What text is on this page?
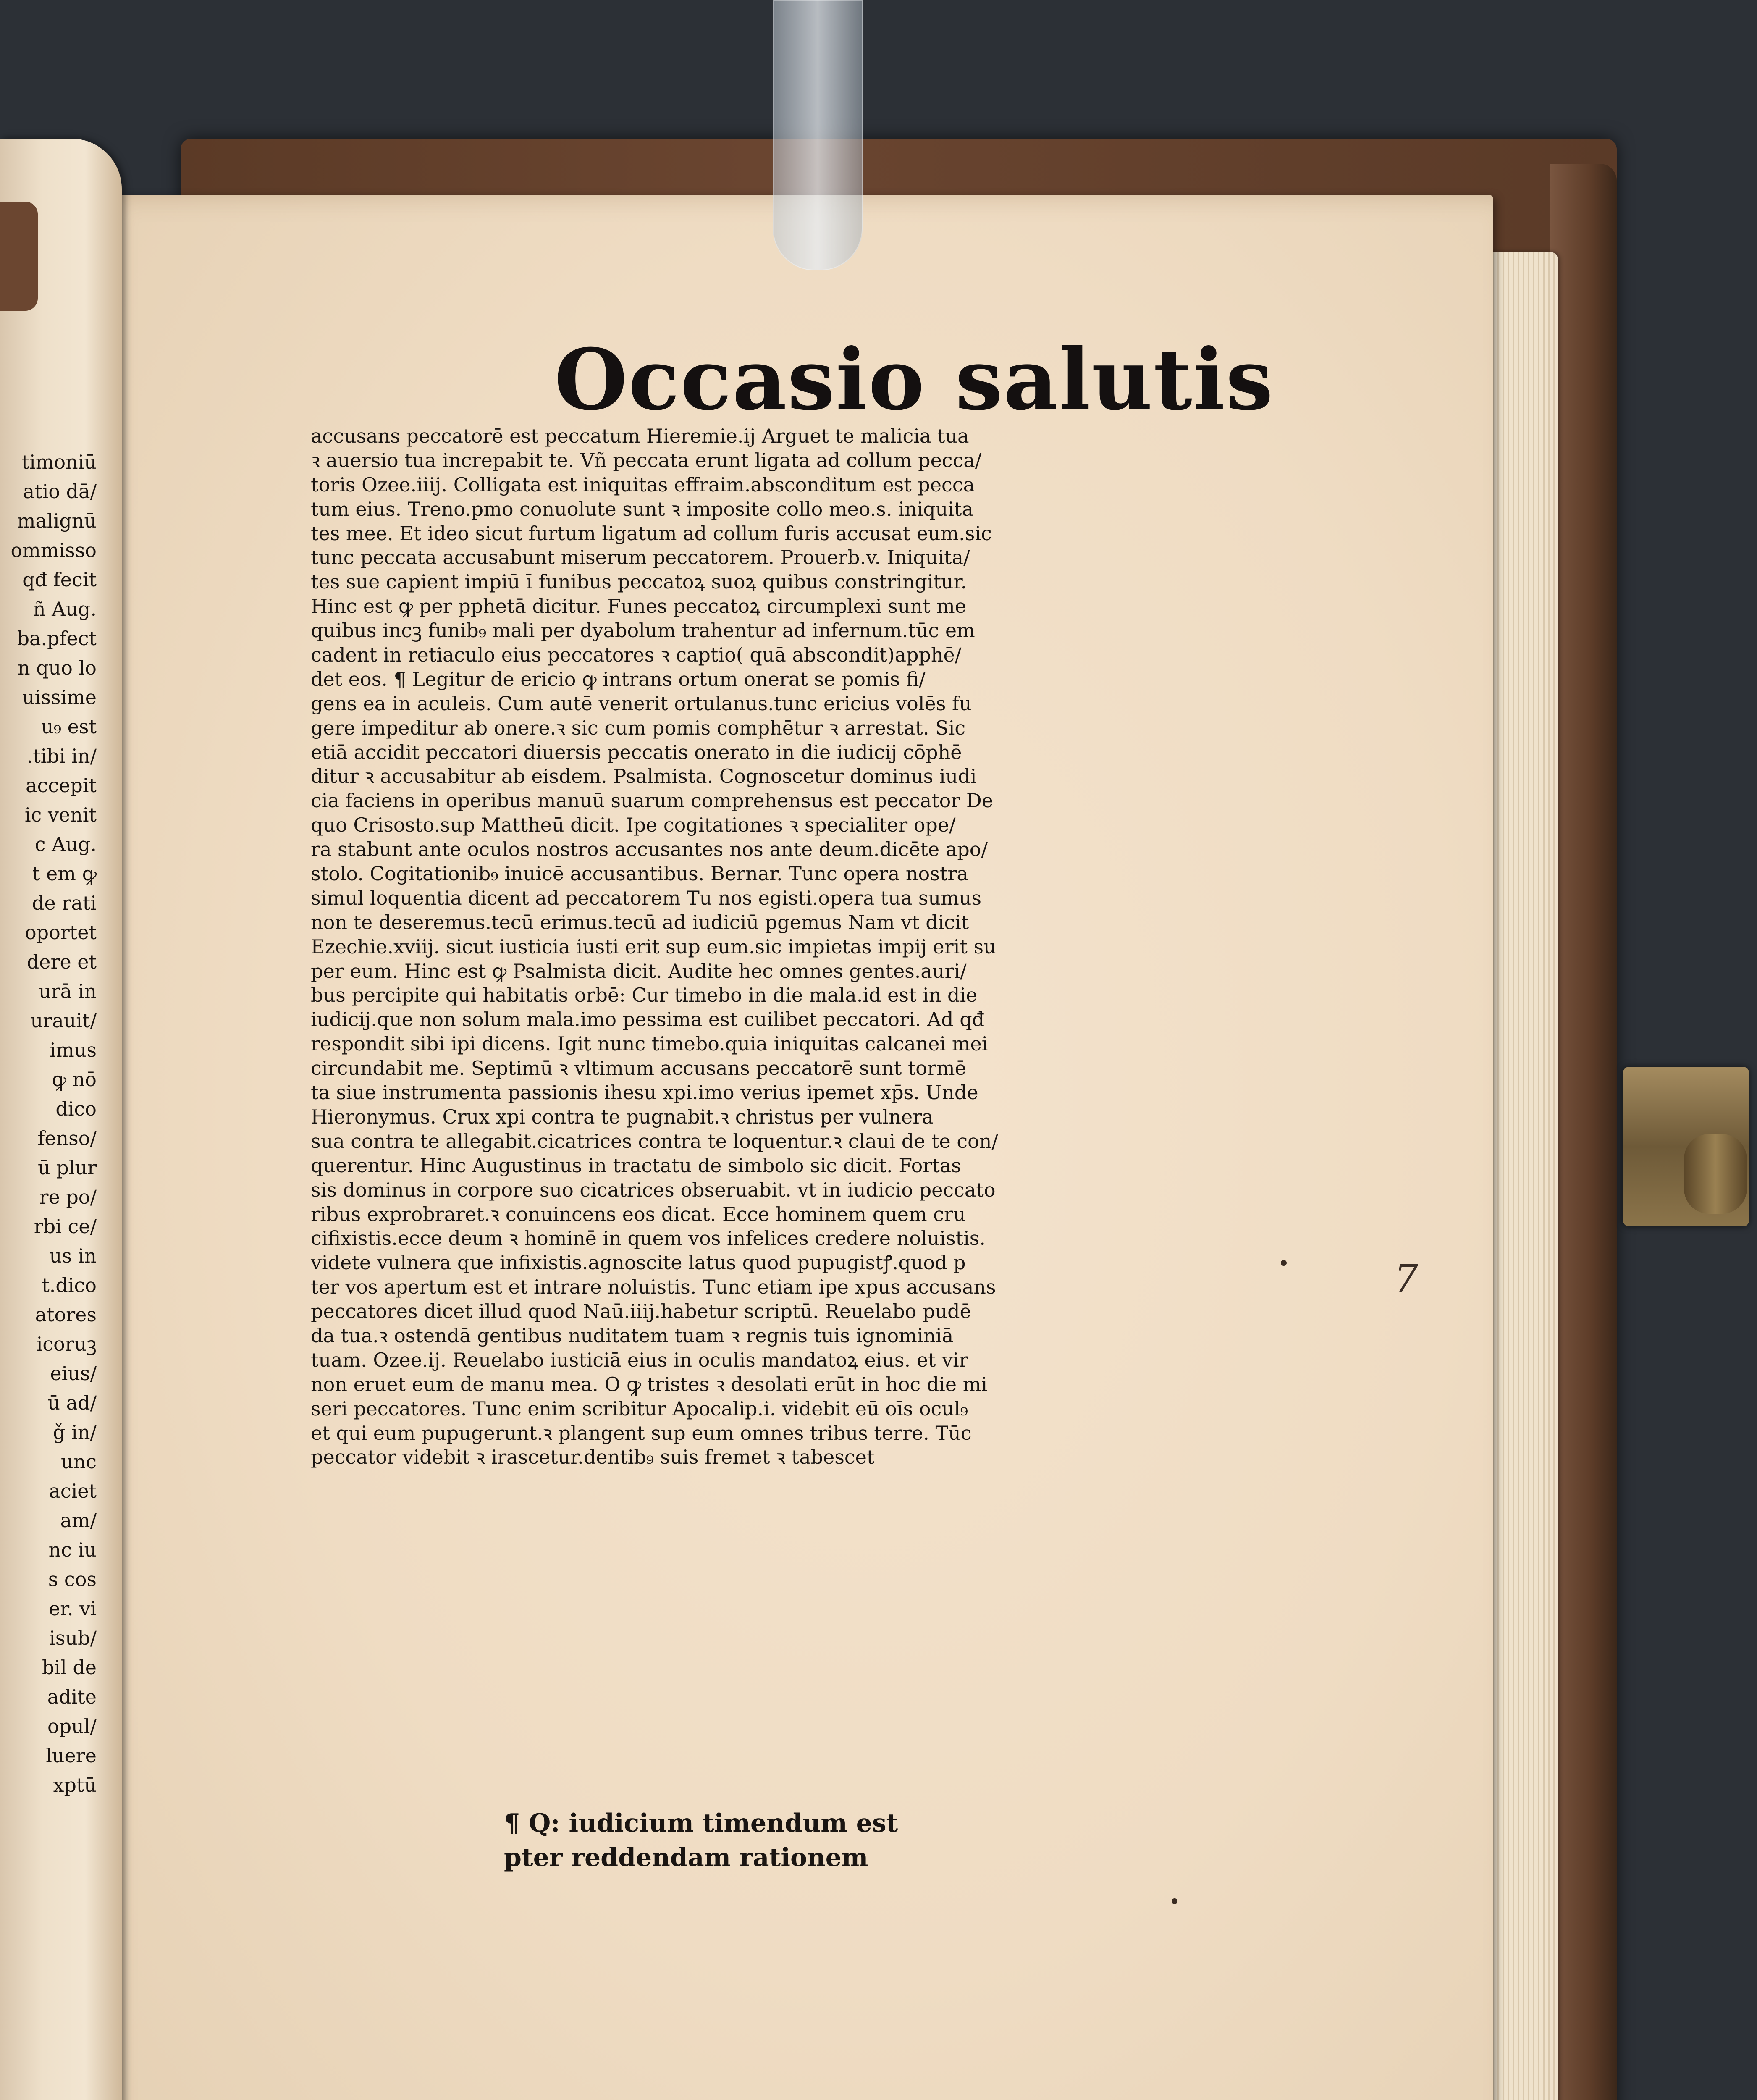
timoniū
atio dā/
malignū
ommisso
qđ fecit
ñ Aug.
ba.pfect
n quo lo
uissime
u₉ est
.tibi in/
accepit
ic venit
c Aug.
t em ꝙ
de rati
oportet
dere et
urā in
urauit/
imus
ꝙ nō
dico
fenso/
ū plur
re po/
rbi ce/
us in
t.dico
atores
icoruꝫ
eius/
ū ad/
ǧ in/
unc
aciet
am/
nc iu
s cos
er. vi
isub/
bil de
adite
opul/
luere
xptū
Occasio salutis
accusans peccatorē est peccatum Hieremie.ij Arguet te malicia tua
ꝛ auersio tua increpabit te. Vñ peccata erunt ligata ad collum pecca/
toris Ozee.iiij. Colligata est iniquitas effraim.absconditum est pecca
tum eius. Treno.pmo conuolute sunt ꝛ imposite collo meo.s. iniquita
tes mee. Et ideo sicut furtum ligatum ad collum furis accusat eum.sic
tunc peccata accusabunt miserum peccatorem. Prouerb.v. Iniquita/
tes sue capient impiū ī funibus peccatoꝝ suoꝝ quibus constringitur.
Hinc est ꝙ per pphetā dicitur. Funes peccatoꝝ circumplexi sunt me
quibus incꝫ funib₉ mali per dyabolum trahentur ad infernum.tūc em
cadent in retiaculo eius peccatores ꝛ captio( quā abscondit)apphē/
det eos. ¶ Legitur de ericio ꝙ intrans ortum onerat se pomis fi/
gens ea in aculeis. Cum autē venerit ortulanus.tunc ericius volēs fu
gere impeditur ab onere.ꝛ sic cum pomis comphētur ꝛ arrestat. Sic
etiā accidit peccatori diuersis peccatis onerato in die iudicij cōphē
ditur ꝛ accusabitur ab eisdem. Psalmista. Cognoscetur dominus iudi
cia faciens in operibus manuū suarum comprehensus est peccator De
quo Crisosto.sup Mattheū dicit. Ipe cogitationes ꝛ specialiter ope/
ra stabunt ante oculos nostros accusantes nos ante deum.dicēte apo/
stolo. Cogitationib₉ inuicē accusantibus. Bernar. Tunc opera nostra
simul loquentia dicent ad peccatorem Tu nos egisti.opera tua sumus
non te deseremus.tecū erimus.tecū ad iudiciū pgemus Nam vt dicit
Ezechie.xviij. sicut iusticia iusti erit sup eum.sic impietas impij erit su
per eum. Hinc est ꝙ Psalmista dicit. Audite hec omnes gentes.auri/
bus percipite qui habitatis orbē: Cur timebo in die mala.id est in die
iudicij.que non solum mala.imo pessima est cuilibet peccatori. Ad qđ
respondit sibi ipi dicens. Igit nunc timebo.quia iniquitas calcanei mei
circundabit me. Septimū ꝛ vltimum accusans peccatorē sunt tormē
ta siue instrumenta passionis ihesu xpi.imo verius ipemet xp̄s. Unde
Hieronymus. Crux xpi contra te pugnabit.ꝛ christus per vulnera
sua contra te allegabit.cicatrices contra te loquentur.ꝛ claui de te con/
querentur. Hinc Augustinus in tractatu de simbolo sic dicit. Fortas
sis dominus in corpore suo cicatrices obseruabit. vt in iudicio peccato
ribus exprobraret.ꝛ conuincens eos dicat. Ecce hominem quem cru
cifixistis.ecce deum ꝛ hominē in quem vos infelices credere noluistis.
videte vulnera que infixistis.agnoscite latus quod pupugistꝭ.quod p
ter vos apertum est et intrare noluistis. Tunc etiam ipe xpus accusans
peccatores dicet illud quod Naū.iiij.habetur scriptū. Reuelabo pudē
da tua.ꝛ ostendā gentibus nuditatem tuam ꝛ regnis tuis ignominiā
tuam. Ozee.ij. Reuelabo iusticiā eius in oculis mandatoꝝ eius. et vir
non eruet eum de manu mea. O ꝙ tristes ꝛ desolati erūt in hoc die mi
seri peccatores. Tunc enim scribitur Apocalip.i. videbit eū oīs ocul₉
et qui eum pupugerunt.ꝛ plangent sup eum omnes tribus terre. Tūc
peccator videbit ꝛ irascetur.dentib₉ suis fremet ꝛ tabescet
¶ Q: iudicium timendum est
pter reddendam rationem
7
